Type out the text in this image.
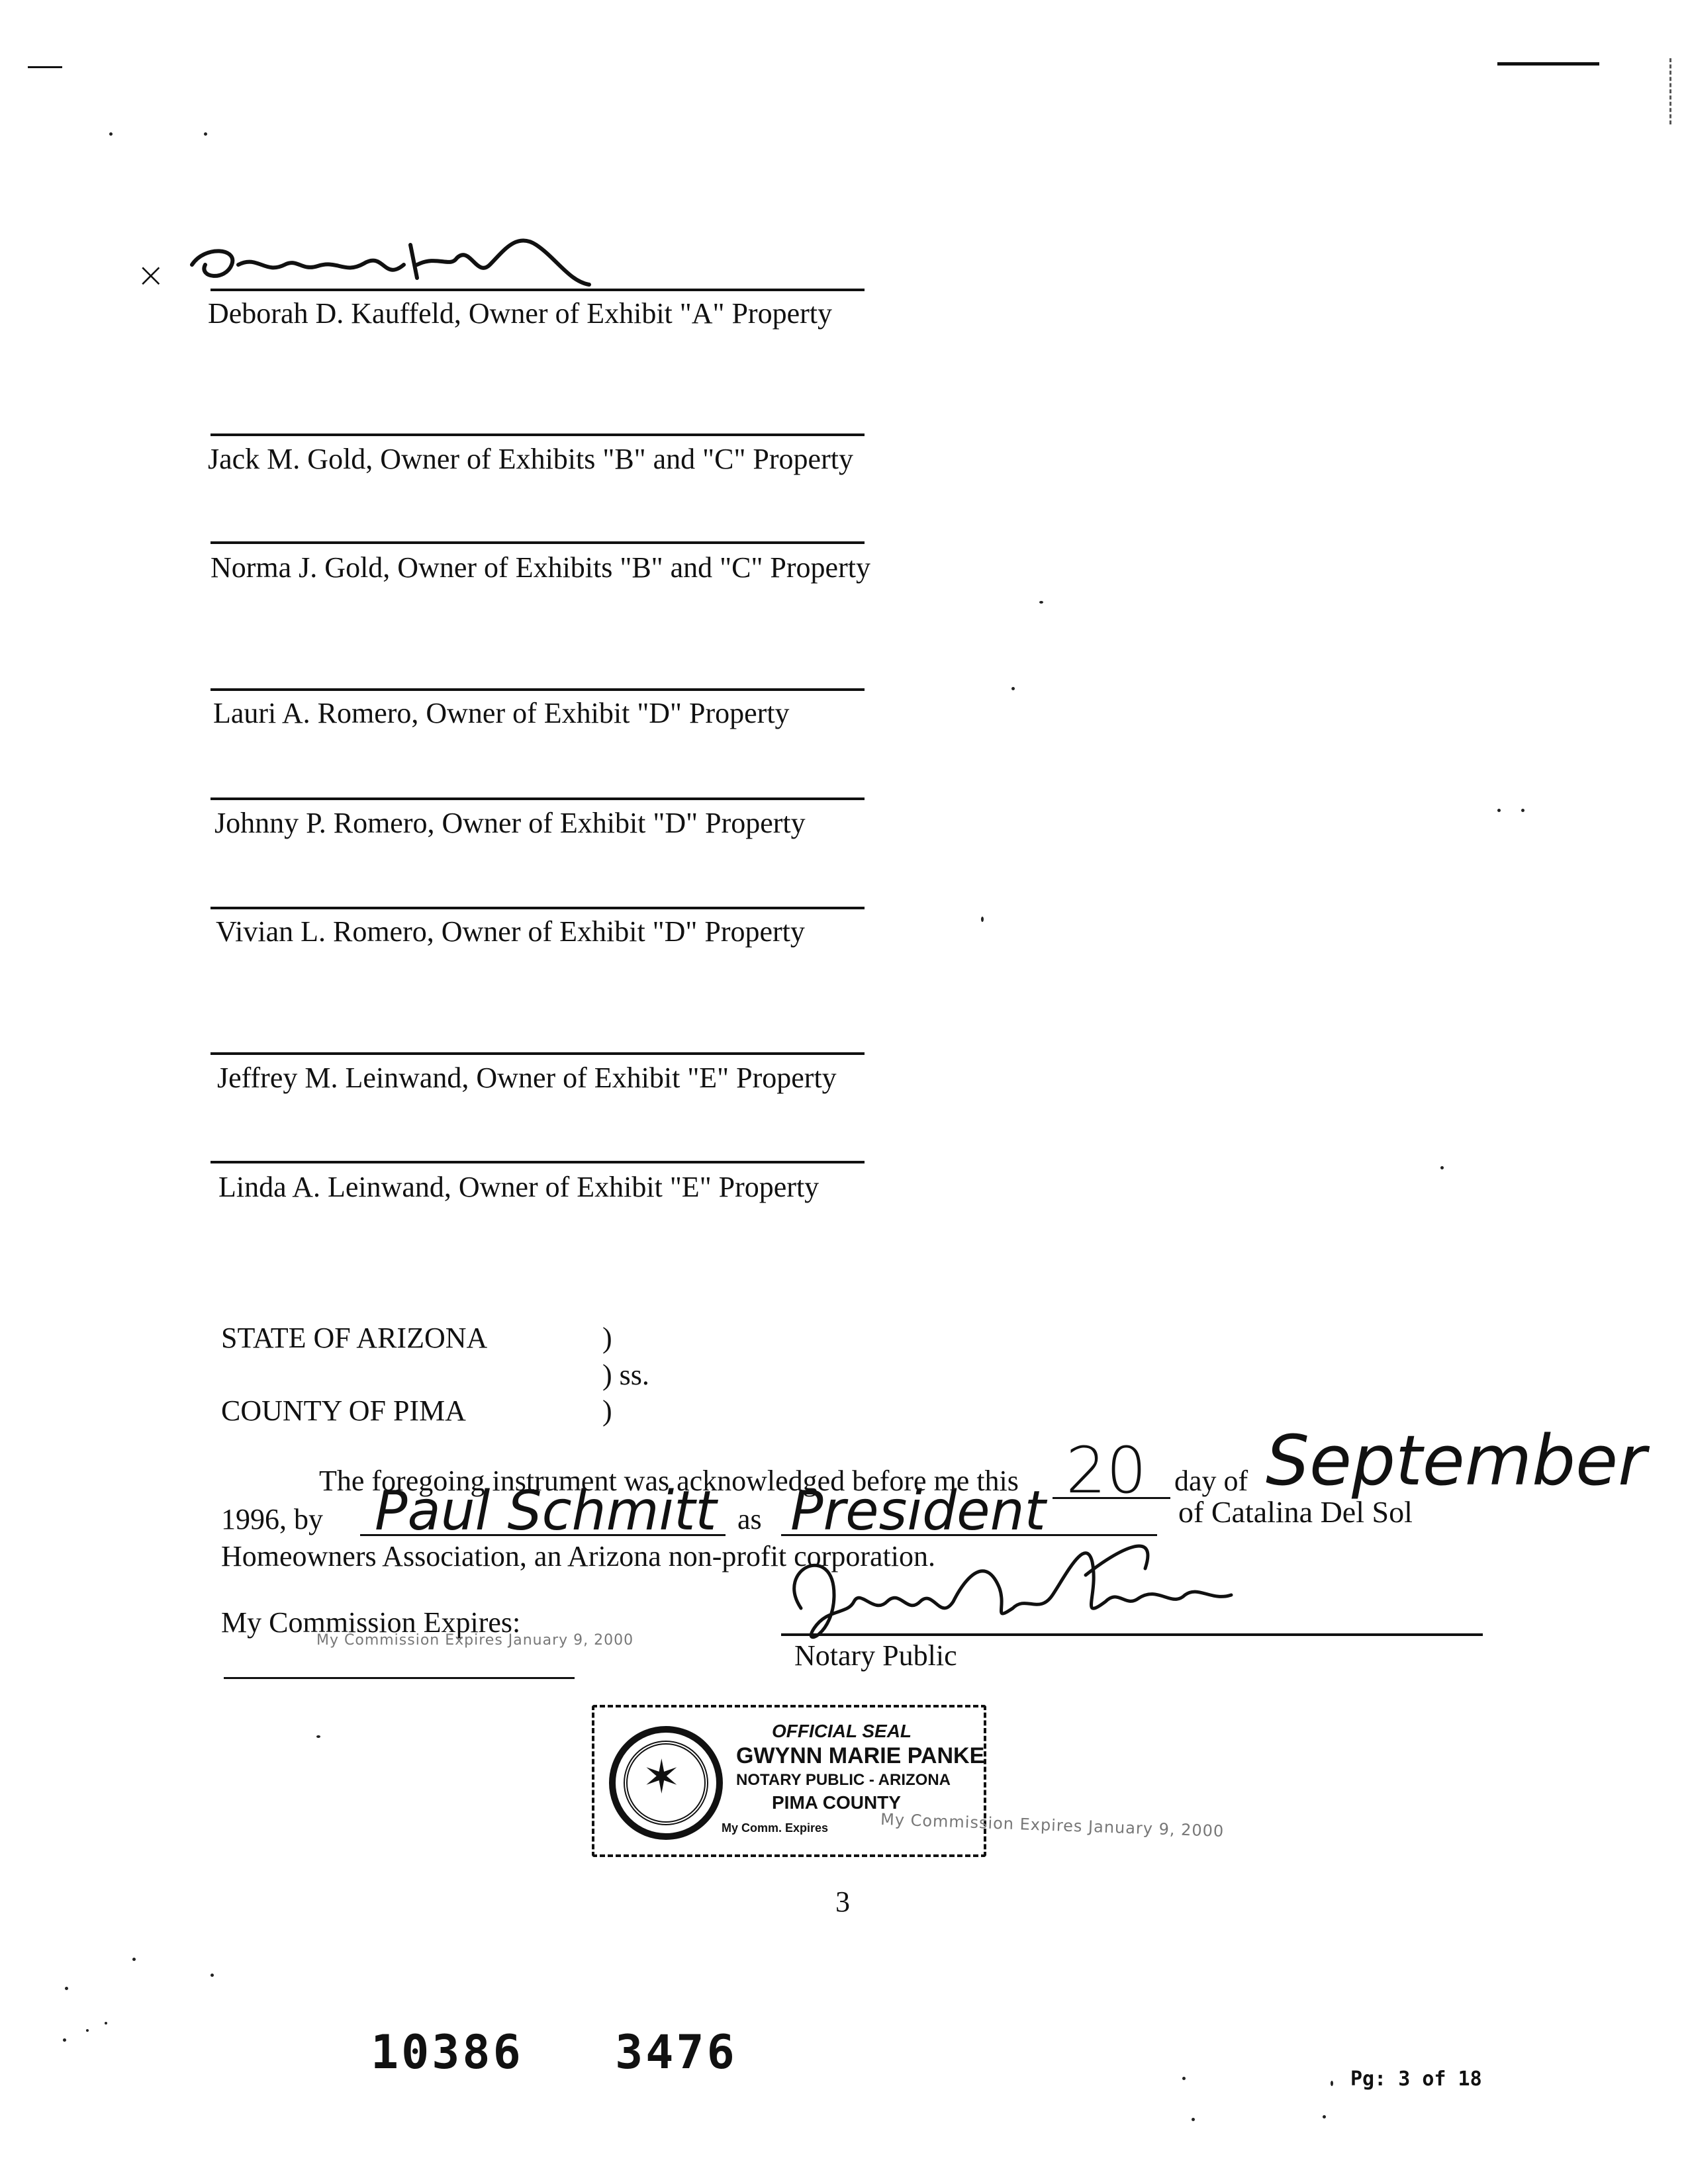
×
Deborah D. Kauffeld, Owner of Exhibit "A" Property
Jack M. Gold, Owner of Exhibits "B" and "C" Property
Norma J. Gold, Owner of Exhibits "B" and "C" Property
Lauri A. Romero, Owner of Exhibit "D" Property
Johnny P. Romero, Owner of Exhibit "D" Property
Vivian L. Romero, Owner of Exhibit "D" Property
Jeffrey M. Leinwand, Owner of Exhibit "E" Property
Linda A. Leinwand, Owner of Exhibit "E" Property
STATE OF ARIZONA	)
) ss.
COUNTY OF PIMA	)
The foregoing instrument was acknowledged before me this 20 day of September
1996, by Paul Schmitt as President	of Catalina Del Sol
Homeowners Association, an Arizona non-profit corporation.
My Commission Expires:
My Commission Expires January 9, 2000	Notary Public
✶
OFFICIAL SEAL
GWYNN MARIE PANKE
NOTARY PUBLIC - ARIZONA
PIMA COUNTY
My Comm. Expires	My Commission Expires January 9, 2000
3
10386   3476	Pg: 3 of 18
